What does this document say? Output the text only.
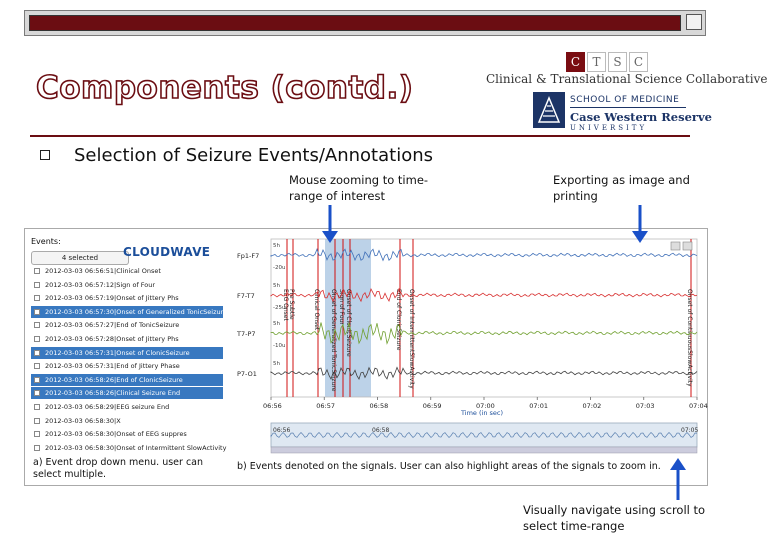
Components (contd.)
C	T	S	C
Clinical & Translational Science Collaborative
SCHOOL OF MEDICINE
Case Western Reserve
UNIVERSITY
Selection of Seizure Events/Annotations
Mouse zooming to time-
range of interest
Exporting as image and
printing
Visually navigate using scroll to
select time-range
Events:
4 selected	CLOUDWAVE
2012-03-03 06:56:51|Clinical Onset
2012-03-03 06:57:12|Sign of Four
2012-03-03 06:57:19|Onset of Jittery Phs
2012-03-03 06:57:30|Onset of Generalized TonicSeizure
2012-03-03 06:57:27|End of TonicSeizure
2012-03-03 06:57:28|Onset of Jittery Phs
2012-03-03 06:57:31|Onset of ClonicSeizure
2012-03-03 06:57:31|End of Jittery Phase
2012-03-03 06:58:26|End of ClonicSeizure
2012-03-03 06:58:26|Clinical Seizure End
2012-03-03 06:58:29|EEG seizure End
2012-03-03 06:58:30|X
2012-03-03 06:58:30|Onset of EEG suppres
2012-03-03 06:58:30|Onset of Intermittent SlowActivity
EEG Onset Pre Subtle	Clinical Onset Onset of Generalized TonicSeizure Sign of Four Onset of ClonicSeizure	End of ClonicSeizure Onset of IntermittentSlowActivity	Onset of ContinuousSlowActivity
Fp1-F7
F7-T7
T7-P7
P7-O1
5h
-20u
5h
-25u
5h
-10u
5h
06:56	06:57	06:58	06:59	07:00	07:01	07:02	07:03	07:04
Time (in sec)
06:56	06:58	07:05
a) Event drop down menu. user can
select multiple.
b) Events denoted on the signals. User can also highlight areas of the signals to zoom in.
